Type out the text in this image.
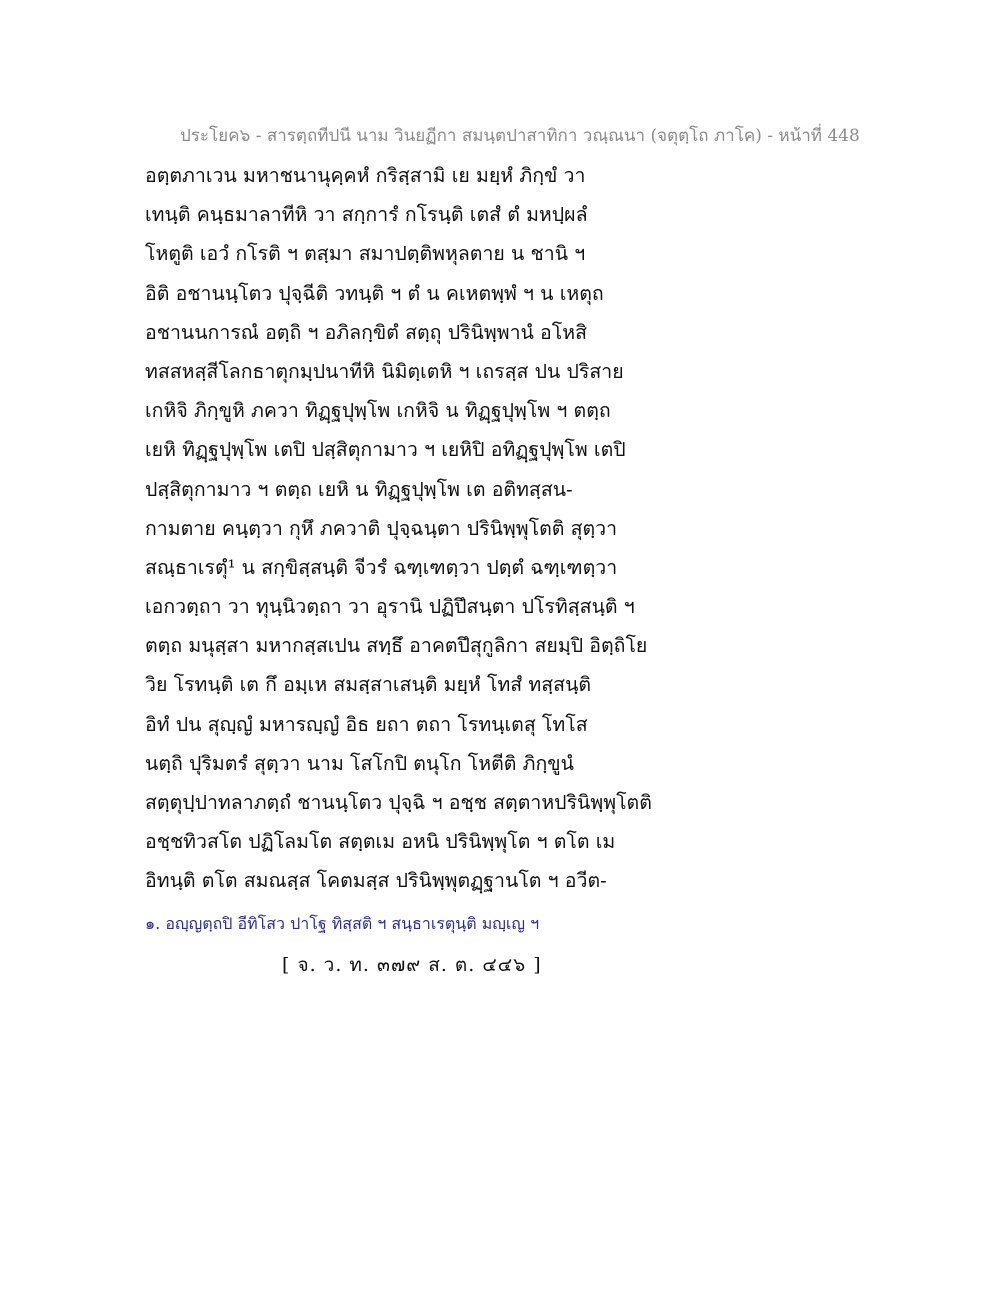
ประโยค๖ - สารตฺถทีปนี นาม วินยฏีกา สมนฺตปาสาทิกา วณฺณนา (จตุตฺโถ ภาโค) - หน้าที่ 448
อตฺตภาเวน มหาชนานุคฺคหํ กริสฺสามิ เย มยฺหํ ภิกฺขํ วา
เทนฺติ คนฺธมาลาทีหิ วา สกฺการํ กโรนฺติ เตสํ ตํ มหปฺผลํ
โหตูติ เอวํ กโรติ ฯ ตสฺมา สมาปตฺติพหุลตาย น ชานิ ฯ
อิติ อชานนฺโตว ปุจฺฉีติ วทนฺติ ฯ ตํ น คเหตพฺพํ ฯ น เหตุถ
อชานนการณํ อตฺถิ ฯ อภิลกฺขิตํ สตฺถุ ปรินิพฺพานํ อโหสิ
ทสสหสฺสีโลกธาตุกมฺปนาทีหิ นิมิตฺเตหิ ฯ เถรสฺส ปน ปริสาย
เกหิจิ ภิกฺขูหิ ภควา ทิฏฺฐปุพฺโพ เกหิจิ น ทิฏฺฐปุพฺโพ ฯ ตตฺถ
เยหิ ทิฏฺฐปุพฺโพ เตปิ ปสฺสิตุกามาว ฯ เยหิปิ อทิฏฺฐปุพฺโพ เตปิ
ปสฺสิตุกามาว ฯ ตตฺถ เยหิ น ทิฏฺฐปุพฺโพ เต อติทสฺสน-
กามตาย คนฺตฺวา กุหึ ภควาติ ปุจฺฉนฺตา ปรินิพฺพุโตติ สุตฺวา
สณฺธาเรตุํ¹ น สกฺขิสฺสนฺติ จีวรํ ฉฑฺเฑตฺวา ปตฺตํ ฉฑฺเฑตฺวา
เอกวตฺถา วา ทุนฺนิวตฺถา วา อุรานิ ปฏิปึสนฺตา ปโรทิสฺสนฺติ ฯ
ตตฺถ มนุสฺสา มหากสฺสเปน สทฺธึ อาคตปึสุกูลิกา สยมฺปิ อิตฺถิโย
วิย โรทนฺติ เต กึ อมฺเห สมสฺสาเสนฺติ มยฺหํ โทสํ ทสฺสนฺติ
อิทํ ปน สุญฺญํ มหารญฺญํ อิธ ยถา ตถา โรทนฺเตสุ โทโส
นตฺถิ ปุริมตรํ สุตฺวา นาม โสโกปิ ตนุโก โหตีติ ภิกฺขูนํ
สตฺตุปฺปาทลาภตฺถํ ชานนฺโตว ปุจฺฉิ ฯ อชฺช สตฺตาหปรินิพฺพุโตติ
อชฺชทิวสโต ปฏิโลมโต สตฺตเม อหนิ ปรินิพฺพุโต ฯ ตโต เม
อิทนฺติ ตโต สมณสฺส โคตมสฺส ปรินิพฺพุตฏฺฐานโต ฯ อวีต-
๑. อญฺญตฺถปิ อีทิโสว ปาโฐ ทิสฺสติ ฯ สนฺธาเรตุนฺติ มญฺเญ ฯ
[ จ. ว. ท. ๓๗๙ ส. ต. ๔๔๖ ]
